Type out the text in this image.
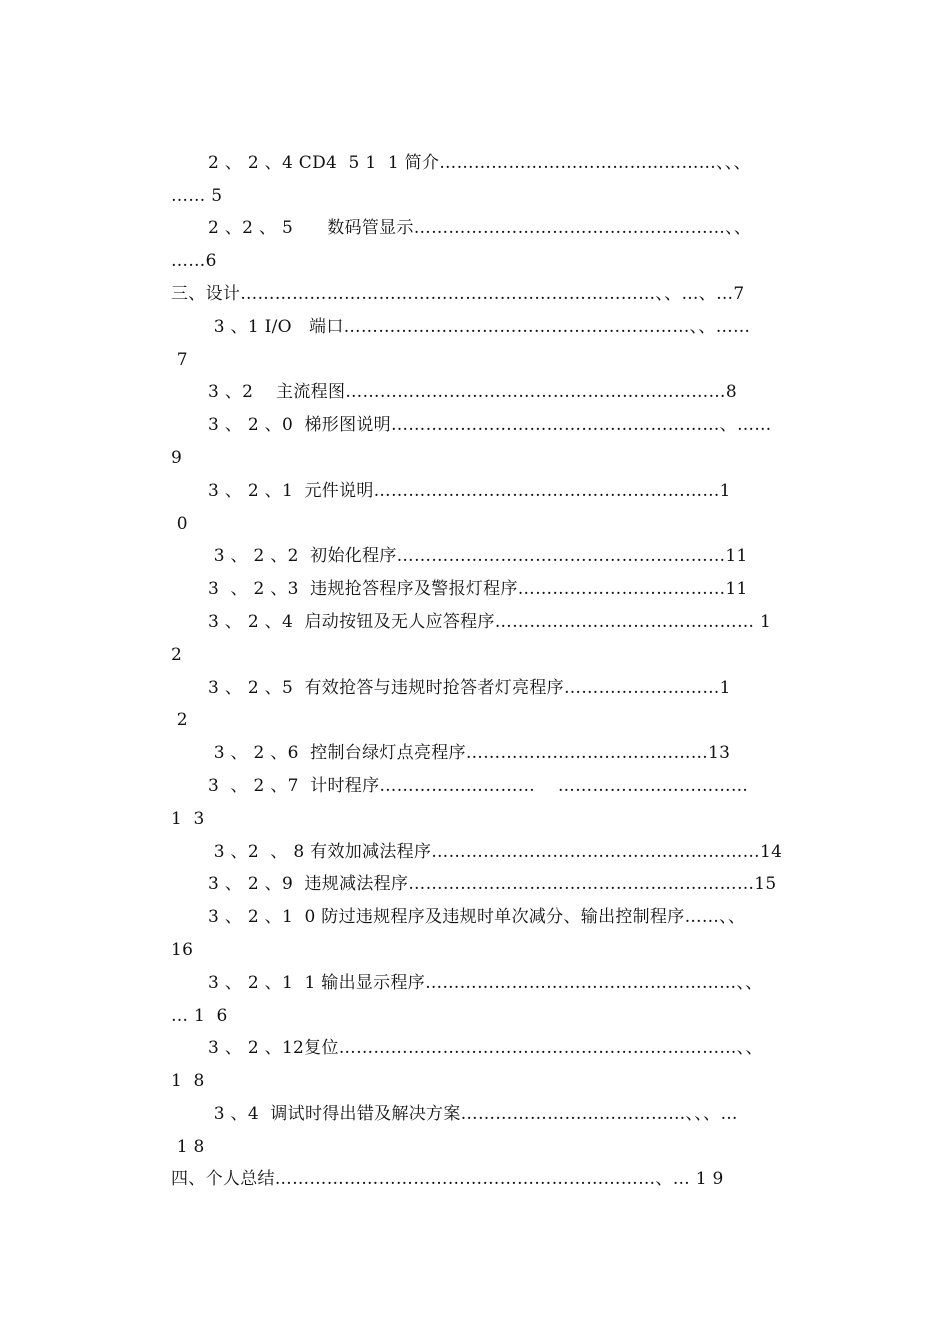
2 、 2 、4 CD4  5 1  1 简介…………………………………………、、、
…… 5
2 、2 、 5      数码管显示………………………………………………、、
……6
三、设计………………………………………………………………、、…、…7
3 、1 I/O   端口……………………………………………………、、……
7
3 、2    主流程图…………………………………………………………8
3 、 2 、0  梯形图说明…………………………………………………、……
9
3 、 2 、1  元件说明……………………………………………………1
0
3 、 2 、2  初始化程序…………………………………………………11
3  、 2 、3  违规抢答程序及警报灯程序………………………………11
3 、 2 、4  启动按钮及无人应答程序……………………………………… 1
2
3 、 2 、5  有效抢答与违规时抢答者灯亮程序………………………1
2
3 、 2 、6  控制台绿灯点亮程序……………………………………13
3  、 2 、7  计时程序………………………    ……………………………
1  3
3 、2  、 8 有效加减法程序…………………………………………………14
3 、 2 、9  违规减法程序……………………………………………………15
3 、 2 、1  0 防过违规程序及违规时单次减分、输出控制程序……、、
16
3 、 2 、1  1 输出显示程序………………………………………………、、
… 1  6
3 、 2 、12复位……………………………………………………………、、
1  8
3 、4  调试时得出错及解决方案…………………………………、、、…
1 8
四、个人总结…………………………………………………………、… 1 9
